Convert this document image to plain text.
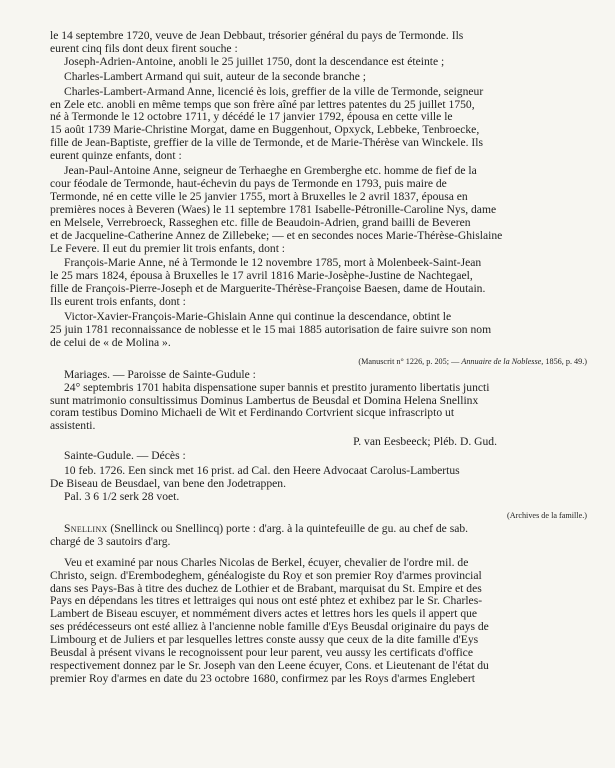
le 14 septembre 1720, veuve de Jean Debbaut, trésorier général du pays de Termonde. Ils
eurent cinq fils dont deux firent souche :

Joseph-Adrien-Antoine, anobli le 25 juillet 1750, dont la descendance est éteinte ;

Charles-Lambert Armand qui suit, auteur de la seconde branche ;

Charles-Lambert-Armand Anne, licencié ès lois, greffier de la ville de Termonde, seigneur
en Zele etc. anobli en même temps que son frère aîné par lettres patentes du 25 juillet 1750,
né à Termonde le 12 octobre 1711, y décédé le 17 janvier 1792, épousa en cette ville le
15 août 1739 Marie-Christine Morgat, dame en Buggenhout, Opxyck, Lebbeke, Tenbroecke,
fille de Jean-Baptiste, greffier de la ville de Termonde, et de Marie-Thérèse van Winckele. Ils
eurent quinze enfants, dont :

Jean-Paul-Antoine Anne, seigneur de Terhaeghe en Gremberghe etc. homme de fief de la
cour féodale de Termonde, haut-échevin du pays de Termonde en 1793, puis maire de
Termonde, né en cette ville le 25 janvier 1755, mort à Bruxelles le 2 avril 1837, épousa en
premières noces à Beveren (Waes) le 11 septembre 1781 Isabelle-Pétronille-Caroline Nys, dame
en Melsele, Verrebroeck, Rasseghen etc. fille de Beaudoin-Adrien, grand bailli de Beveren
et de Jacqueline-Catherine Annez de Zillebeke; — et en secondes noces Marie-Thérèse-Ghislaine
Le Fevere. Il eut du premier lit trois enfants, dont :

François-Marie Anne, né à Termonde le 12 novembre 1785, mort à Molenbeek-Saint-Jean
le 25 mars 1824, épousa à Bruxelles le 17 avril 1816 Marie-Josèphe-Justine de Nachtegael,
fille de François-Pierre-Joseph et de Marguerite-Thérèse-Françoise Baesen, dame de Houtain.
Ils eurent trois enfants, dont :

Victor-Xavier-François-Marie-Ghislain Anne qui continue la descendance, obtint le
25 juin 1781 reconnaissance de noblesse et le 15 mai 1885 autorisation de faire suivre son nom
de celui de « de Molina ».

(Manuscrit n° 1226, p. 205; — Annuaire de la Noblesse, 1856, p. 49.)

Mariages. — Paroisse de Sainte-Gudule :

24° septembris 1701 habita dispensatione super bannis et prestito juramento libertatis juncti
sunt matrimonio consultissimus Dominus Lambertus de Beusdal et Domina Helena Snellinx
coram testibus Domino Michaeli de Wit et Ferdinando Cortvrient sicque infrascripto ut
assistenti.

P. van Eesbeeck; Pléb. D. Gud.

Sainte-Gudule. — Décès :

10 feb. 1726. Een sinck met 16 prist. ad Cal. den Heere Advocaat Carolus-Lambertus
De Biseau de Beusdael, van bene den Jodetrappen.

Pal. 3 6 1/2 serk 28 voet.

(Archives de la famille.)

Snellinx (Snellinck ou Snellincq) porte : d'arg. à la quintefeuille de gu. au chef de sab.
chargé de 3 sautoirs d'arg.

Veu et examiné par nous Charles Nicolas de Berkel, écuyer, chevalier de l'ordre mil. de
Christo, seign. d'Erembodeghem, généalogiste du Roy et son premier Roy d'armes provincial
dans ses Pays-Bas à titre des duchez de Lothier et de Brabant, marquisat du St. Empire et des
Pays en dépendans les titres et lettraiges qui nous ont esté phtez et exhibez par le Sr. Charles-
Lambert de Biseau escuyer, et nommément divers actes et lettres hors les quels il appert que
ses prédécesseurs ont esté alliez à l'ancienne noble famille d'Eys Beusdal originaire du pays de
Limbourg et de Juliers et par lesquelles lettres conste aussy que ceux de la dite famille d'Eys
Beusdal à présent vivans le recognoissent pour leur parent, veu aussy les certificats d'office
respectivement donnez par le Sr. Joseph van den Leene écuyer, Cons. et Lieutenant de l'état du
premier Roy d'armes en date du 23 octobre 1680, confirmez par les Roys d'armes Englebert
